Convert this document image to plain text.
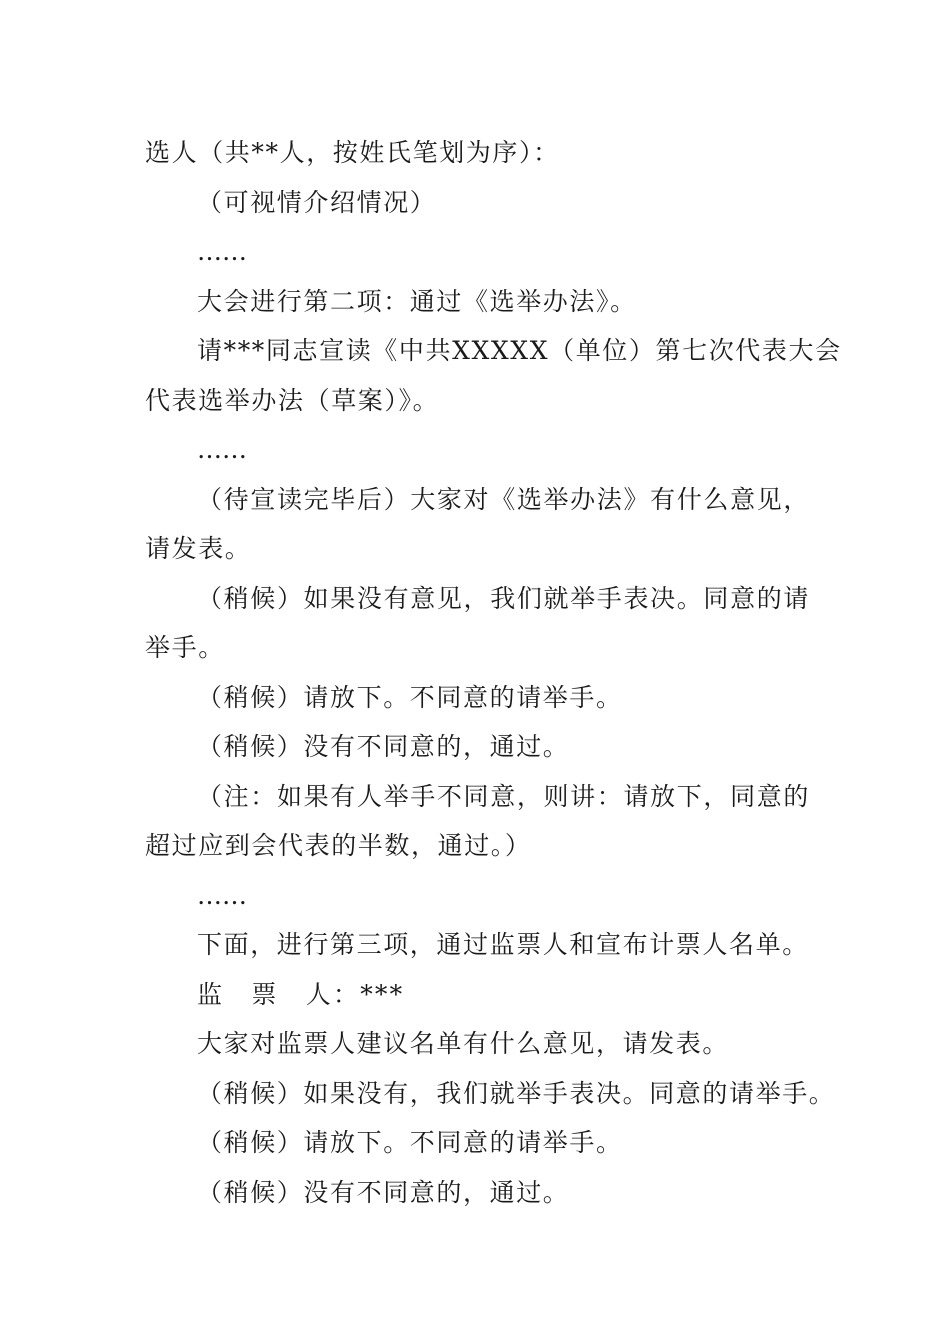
选人（共**人，按姓氏笔划为序）：
（可视情介绍情况）
……
大会进行第二项：通过《选举办法》。
请***同志宣读《中共XXXXX（单位）第七次代表大会
代表选举办法（草案）》。
……
（待宣读完毕后）大家对《选举办法》有什么意见，
请发表。
（稍候）如果没有意见，我们就举手表决。同意的请
举手。
（稍候）请放下。不同意的请举手。
（稍候）没有不同意的，通过。
（注：如果有人举手不同意，则讲：请放下，同意的
超过应到会代表的半数，通过。）
……
下面，进行第三项，通过监票人和宣布计票人名单。
监　票　人：***
大家对监票人建议名单有什么意见，请发表。
（稍候）如果没有，我们就举手表决。同意的请举手。
（稍候）请放下。不同意的请举手。
（稍候）没有不同意的，通过。
